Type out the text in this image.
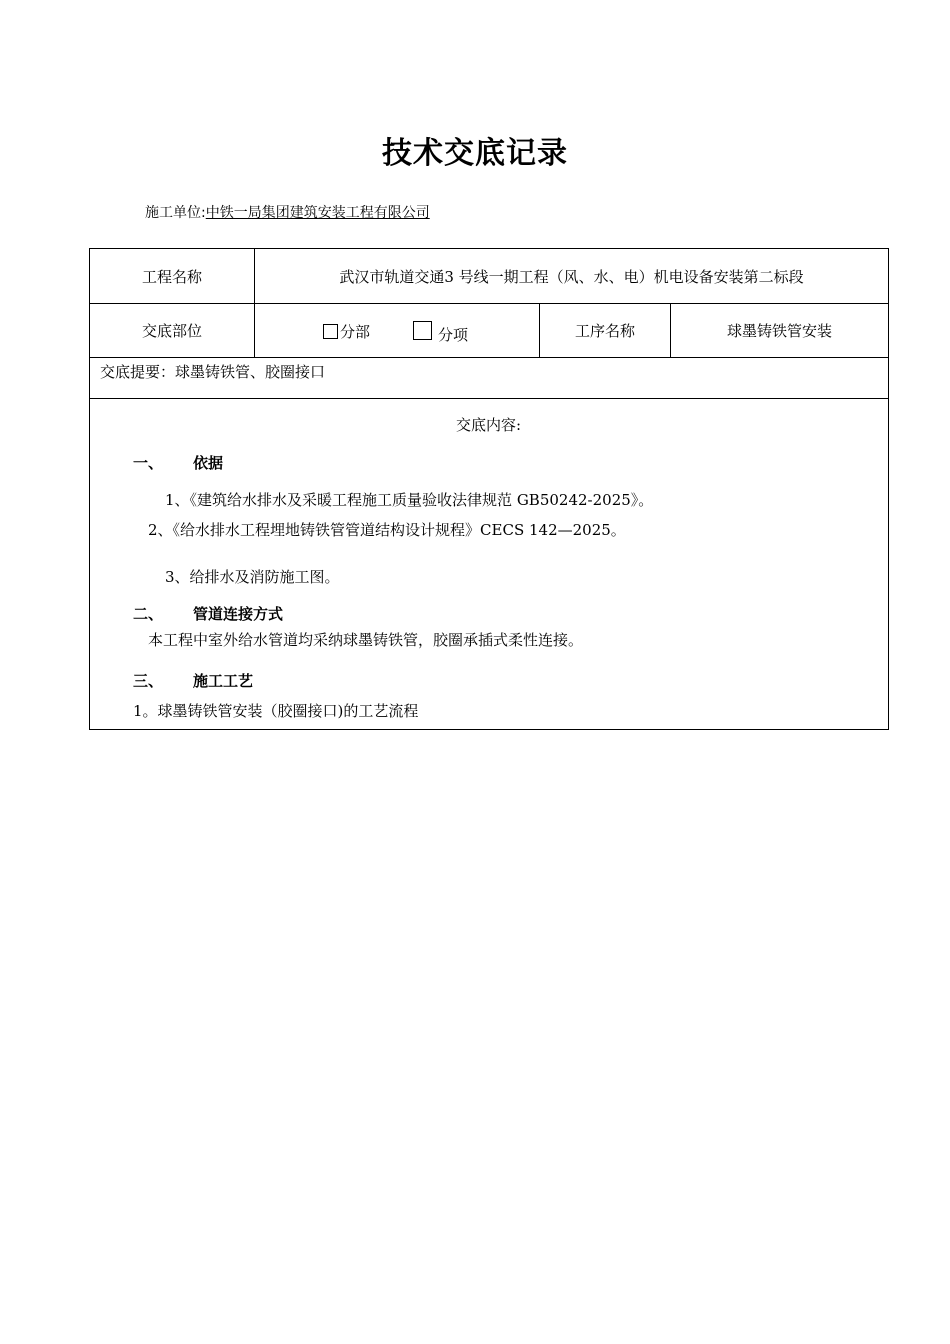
技术交底记录
施工单位:中铁一局集团建筑安装工程有限公司
工程名称	武汉市轨道交通3 号线一期工程（风、水、电）机电设备安装第二标段
交底部位	分部	分项	工序名称	球墨铸铁管安装
交底提要：球墨铸铁管、胶圈接口
交底内容:
一、 依据
1、《建筑给水排水及采暖工程施工质量验收法律规范 GB50242-2025》。
2、《给水排水工程埋地铸铁管管道结构设计规程》CECS 142—2025。
3、给排水及消防施工图。
二、 管道连接方式
本工程中室外给水管道均采纳球墨铸铁管，胶圈承插式柔性连接。
三、 施工工艺
1。球墨铸铁管安装（胶圈接口)的工艺流程
